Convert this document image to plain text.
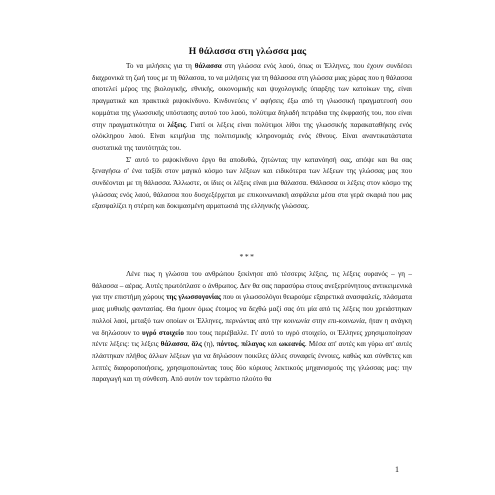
Η θάλασσα στη γλώσσα μας

Το να μιλήσεις για τη θάλασσα στη γλώσσα ενός λαού, όπως οι Έλληνες, που έχουν συνδέσει διαχρονικά τη ζωή τους με τη θάλασσα, το να μιλήσεις για τη θάλασσα στη γλώσσα μιας χώρας που η θάλασσα αποτελεί μέρος της βιολογικής, εθνικής, οικονομικής και ψυχολογικής ύπαρξης των κατοίκων της, είναι πραγματικά και πρακτικά ριψοκίνδυνο. Κινδυνεύεις ν' αφήσεις έξω από τη γλωσσική πραγματευσή σου κομμάτια της γλωσσικής υπόστασης αυτού του λαού, πολύτιμα δηλαδή πετράδια της έκφρασής του, που είναι στην πραγματικότητα οι λέξεις. Γιατί οι λέξεις είναι πολύτιμοι λίθοι της γλωσσικής παρακαταθήκης ενός ολόκληρου λαού. Είναι κειμήλια της πολιτισμικής κληρονομιάς ενός έθνους. Είναι αναντικατάστατα συστατικά της ταυτότητάς του.

Σ' αυτό το ριψοκίνδυνο έργο θα αποδυθώ, ζητώντας την κατανόησή σας, απόψε και θα σας ξεναγήσω σ' ένα ταξίδι στον μαγικό κόσμο των λέξεων και ειδικότερα των λέξεων της γλώσσας μας που συνδέονται με τη θάλασσα. Άλλωστε, οι ίδιες οι λέξεις είναι μια θάλασσα. Θάλασσα οι λέξεις στον κόσμο της γλώσσας ενός λαού, θάλασσα που δυσχεξέρχεται με επικοινωνιακή ασφάλεια μέσα στα γερά σκαριά που μας εξασφαλίζει η στέρεη και δοκιμασμένη αρματωσιά της ελληνικής γλώσσας.

***

Λένε πως η γλώσσα του ανθρώπου ξεκίνησε από τέσσερις λέξεις, τις λέξεις ουρανός – γη – θάλασσα – αέρας. Αυτές πρωτόπλασε ο άνθρωπος. Δεν θα σας παρασύρω στους ανεξερεύνητους αντικειμενικά για την επιστήμη χώρους της γλωσσογονίας που οι γλωσσολόγοι θεωρούμε εξαιρετικά ανασφαλείς, πλάσματα μιας μυθικής φαντασίας. Θα ήμουν όμως έτοιμος να δεχθώ μαζί σας ότι μία από τις λέξεις που χρειάστηκαν πολλοί λαοί, μεταξύ των οποίων οι Έλληνες, περνώντας από την κοινωνία στην επι-κοινωνία, ήταν η ανάγκη να δηλώσουν το υγρό στοιχείο που τους περιέβαλλε. Γι' αυτό το υγρό στοιχείο, οι Έλληνες χρησιμοποίησαν πέντε λέξεις: τις λέξεις θάλασσα, ἅλς (η), πόντος, πέλαγος και ωκεανός. Μέσα απ' αυτές και γύρω απ' αυτές πλάστηκαν πλήθος άλλων λέξεων για να δηλώσουν ποικίλες άλλες συναφείς έννοιες, καθώς και σύνθετες και λεπτές διαφοροποιήσεις, χρησιμοποιώντας τους δύο κύριους λεκτικούς μηχανισμούς της γλώσσας μας: την παραγωγή και τη σύνθεση. Από αυτόν τον τεράστιο πλούτο θα

1
